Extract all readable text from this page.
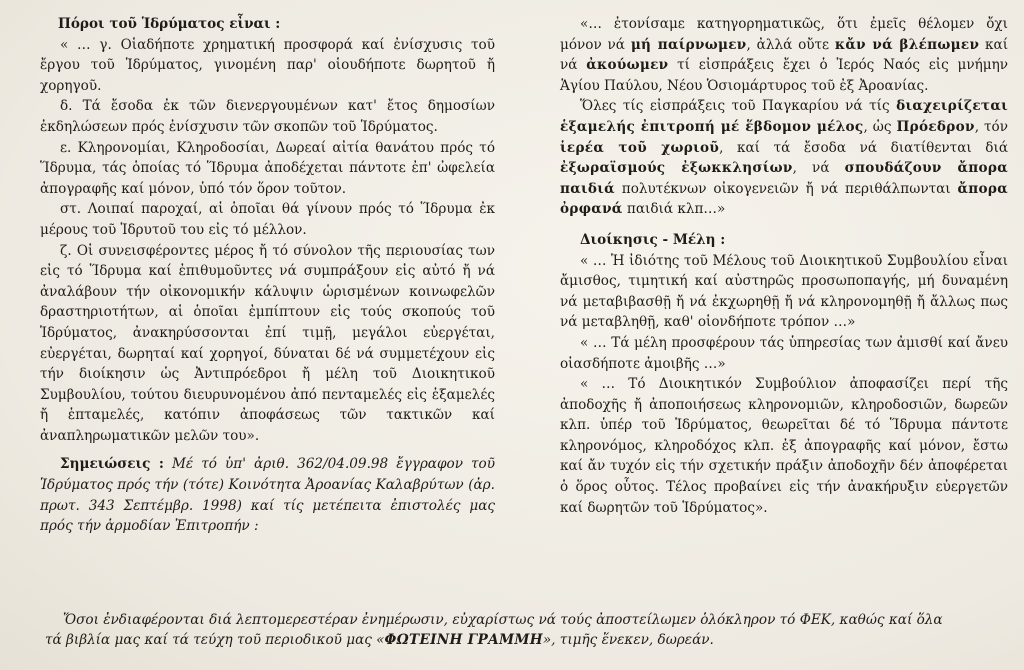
Πόροι τοῦ Ἱδρύματος εἶναι :

« … γ. Οἱαδήποτε χρηματική προσφορά καί ἐνίσχυσις τοῦ ἔργου τοῦ Ἱδρύματος, γινομένη παρ' οἱουδήποτε δωρητοῦ ἤ χορηγοῦ.

δ. Τά ἔσοδα ἐκ τῶν διενεργουμένων κατ' ἔτος δημοσίων ἐκδηλώσεων πρός ἐνίσχυσιν τῶν σκοπῶν τοῦ Ἱδρύματος.

ε. Κληρονομίαι, Κληροδοσίαι, Δωρεαί αἰτία θανάτου πρός τό Ἵδρυμα, τάς ὁποίας τό Ἵδρυμα ἀποδέχεται πάντοτε ἐπ' ὠφελεία ἀπογραφῆς καί μόνον, ὑπό τόν ὅρον τοῦτον.

στ. Λοιπαί παροχαί, αἱ ὁποῖαι θά γίνουν πρός τό Ἵδρυμα ἐκ μέρους τοῦ Ἱδρυτοῦ του εἰς τό μέλλον.

ζ. Οἱ συνεισφέροντες μέρος ἤ τό σύνολον τῆς περιουσίας των εἰς τό Ἵδρυμα καί ἐπιθυμοῦντες νά συμπράξουν εἰς αὐτό ἤ νά ἀναλάβουν τήν οἰκονομικήν κάλυψιν ὡρισμένων κοινωφελῶν δραστηριοτήτων, αἱ ὁποῖαι ἐμπίπτουν εἰς τούς σκοπούς τοῦ Ἱδρύματος, ἀνακηρύσσονται ἐπί τιμῇ, μεγάλοι εὐεργέται, εὐεργέται, δωρηταί καί χορηγοί, δύναται δέ νά συμμετέχουν εἰς τήν διοίκησιν ὡς Ἀντιπρόεδροι ἤ μέλη τοῦ Διοικητικοῦ Συμβουλίου, τούτου διευρυνομένου ἀπό πενταμελές εἰς ἑξαμελές ἤ ἑπταμελές, κατόπιν ἀποφάσεως τῶν τακτικῶν καί ἀναπληρωματικῶν μελῶν του».

Σημειώσεις : Μέ τό ὑπ' ἀριθ. 362/04.09.98 ἔγγραφον τοῦ Ἱδρύματος πρός τήν (τότε) Κοινότητα Ἀροανίας Καλαβρύτων (ἀρ. πρωτ. 343 Σεπτέμβρ. 1998) καί τίς μετέπειτα ἐπιστολές μας πρός τήν ἁρμοδίαν Ἐπιτροπήν :

«… ἐτονίσαμε κατηγορηματικῶς, ὅτι ἐμεῖς θέλομεν ὄχι μόνον νά μή παίρνωμεν, ἀλλά οὔτε κἄν νά βλέπωμεν καί νά ἀκούωμεν τί εἰσπράξεις ἔχει ὁ Ἱερός Ναός εἰς μνήμην Ἁγίου Παύλου, Νέου Ὁσιομάρτυρος τοῦ ἐξ Ἀροανίας.

Ὅλες τίς εἰσπράξεις τοῦ Παγκαρίου νά τίς διαχειρίζεται ἑξαμελής ἐπιτροπή μέ ἕβδομον μέλος, ὡς Πρόεδρον, τόν ἱερέα τοῦ χωριοῦ, καί τά ἔσοδα νά διατίθενται διά ἐξωραϊσμούς ἐξωκκλησίων, νά σπουδάζουν ἄπορα παιδιά πολυτέκνων οἰκογενειῶν ἤ νά περιθάλπωνται ἄπορα ὀρφανά παιδιά κλπ…»

Διοίκησις - Μέλη :

« … Ἡ ἰδιότης τοῦ Μέλους τοῦ Διοικητικοῦ Συμβουλίου εἶναι ἄμισθος, τιμητική καί αὐστηρῶς προσωποπαγής, μή δυναμένη νά μεταβιβασθῇ ἤ νά ἐκχωρηθῇ ἤ νά κληρονομηθῇ ἤ ἄλλως πως νά μεταβληθῇ, καθ' οἱονδήποτε τρόπον …»

« … Τά μέλη προσφέρουν τάς ὑπηρεσίας των ἀμισθί καί ἄνευ οἱασδήποτε ἀμοιβῆς …»

« … Τό Διοικητικόν Συμβούλιον ἀποφασίζει περί τῆς ἀποδοχῆς ἤ ἀποποιήσεως κληρονομιῶν, κληροδοσιῶν, δωρεῶν κλπ. ὑπέρ τοῦ Ἱδρύματος, θεωρεῖται δέ τό Ἵδρυμα πάντοτε κληρονόμος, κληροδόχος κλπ. ἐξ ἀπογραφῆς καί μόνον, ἔστω καί ἄν τυχόν εἰς τήν σχετικήν πράξιν ἀποδοχῆν δέν ἀποφέρεται ὁ ὅρος οὗτος. Τέλος προβαίνει εἰς τήν ἀνακήρυξιν εὐεργετῶν καί δωρητῶν τοῦ Ἱδρύματος».

Ὅσοι ἐνδιαφέρονται διά λεπτομερεστέραν ἐνημέρωσιν, εὐχαρίστως νά τούς ἀποστείλωμεν ὁλόκληρον τό ΦΕΚ, καθώς καί ὅλα τά βιβλία μας καί τά τεύχη τοῦ περιοδικοῦ μας «ΦΩΤΕΙΝΗ ΓΡΑΜΜΗ», τιμῆς ἕνεκεν, δωρεάν.
